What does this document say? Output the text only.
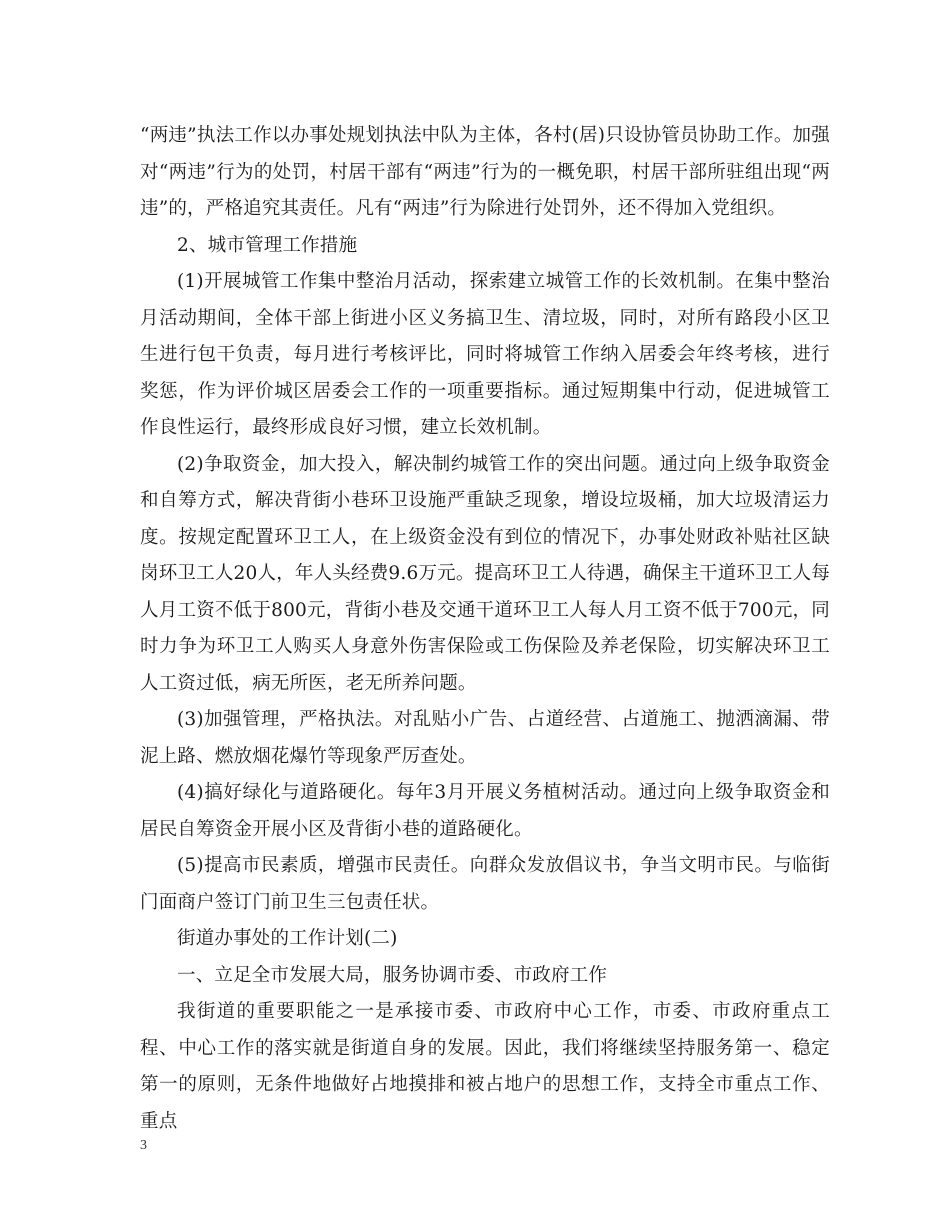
“两违”执法工作以办事处规划执法中队为主体，各村(居)只设协管员协助工作。加强对“两违”行为的处罚，村居干部有“两违”行为的一概免职，村居干部所驻组出现“两违”的，严格追究其责任。凡有“两违”行为除进行处罚外，还不得加入党组织。

2、城市管理工作措施

(1)开展城管工作集中整治月活动，探索建立城管工作的长效机制。在集中整治月活动期间，全体干部上街进小区义务搞卫生、清垃圾，同时，对所有路段小区卫生进行包干负责，每月进行考核评比，同时将城管工作纳入居委会年终考核，进行奖惩，作为评价城区居委会工作的一项重要指标。通过短期集中行动，促进城管工作良性运行，最终形成良好习惯，建立长效机制。

(2)争取资金，加大投入，解决制约城管工作的突出问题。通过向上级争取资金和自筹方式，解决背街小巷环卫设施严重缺乏现象，增设垃圾桶，加大垃圾清运力度。按规定配置环卫工人，在上级资金没有到位的情况下，办事处财政补贴社区缺岗环卫工人20人，年人头经费9.6万元。提高环卫工人待遇，确保主干道环卫工人每人月工资不低于800元，背街小巷及交通干道环卫工人每人月工资不低于700元，同时力争为环卫工人购买人身意外伤害保险或工伤保险及养老保险，切实解决环卫工人工资过低，病无所医，老无所养问题。

(3)加强管理，严格执法。对乱贴小广告、占道经营、占道施工、抛洒滴漏、带泥上路、燃放烟花爆竹等现象严厉查处。

(4)搞好绿化与道路硬化。每年3月开展义务植树活动。通过向上级争取资金和居民自筹资金开展小区及背街小巷的道路硬化。

(5)提高市民素质，增强市民责任。向群众发放倡议书，争当文明市民。与临街门面商户签订门前卫生三包责任状。

街道办事处的工作计划(二)

一、立足全市发展大局，服务协调市委、市政府工作

我街道的重要职能之一是承接市委、市政府中心工作，市委、市政府重点工程、中心工作的落实就是街道自身的发展。因此，我们将继续坚持服务第一、稳定第一的原则，无条件地做好占地摸排和被占地户的思想工作，支持全市重点工作、重点

3
